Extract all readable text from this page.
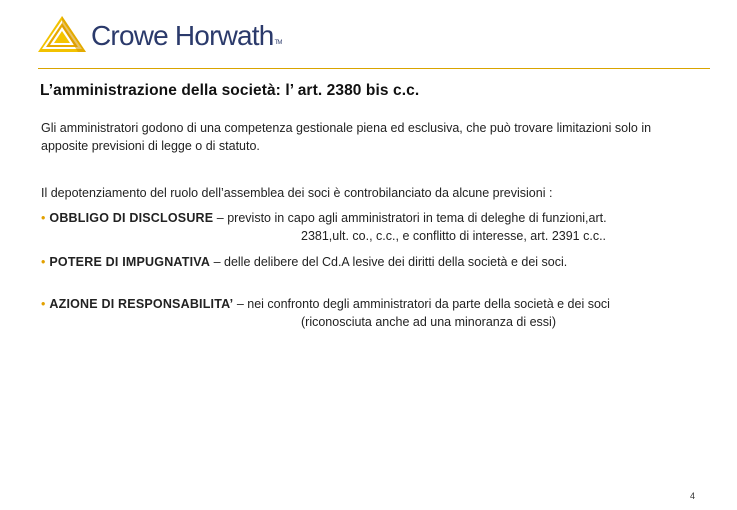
Crowe Horwath™
L’amministrazione della società: l’ art. 2380 bis c.c.
Gli amministratori godono di una competenza gestionale piena ed esclusiva, che può trovare limitazioni solo in apposite previsioni di legge o di statuto.
Il depotenziamento del ruolo dell’assemblea dei soci è controbilanciato da alcune previsioni :
• OBBLIGO DI DISCLOSURE – previsto in capo agli amministratori in tema di deleghe di funzioni,art.
2381,ult. co., c.c., e conflitto di interesse, art. 2391 c.c..
• POTERE DI IMPUGNATIVA – delle delibere del Cd.A lesive dei diritti della società e dei soci.
• AZIONE DI RESPONSABILITA’ – nei confronto degli amministratori da parte della società e dei soci
(riconosciuta anche ad una minoranza di essi)
4
